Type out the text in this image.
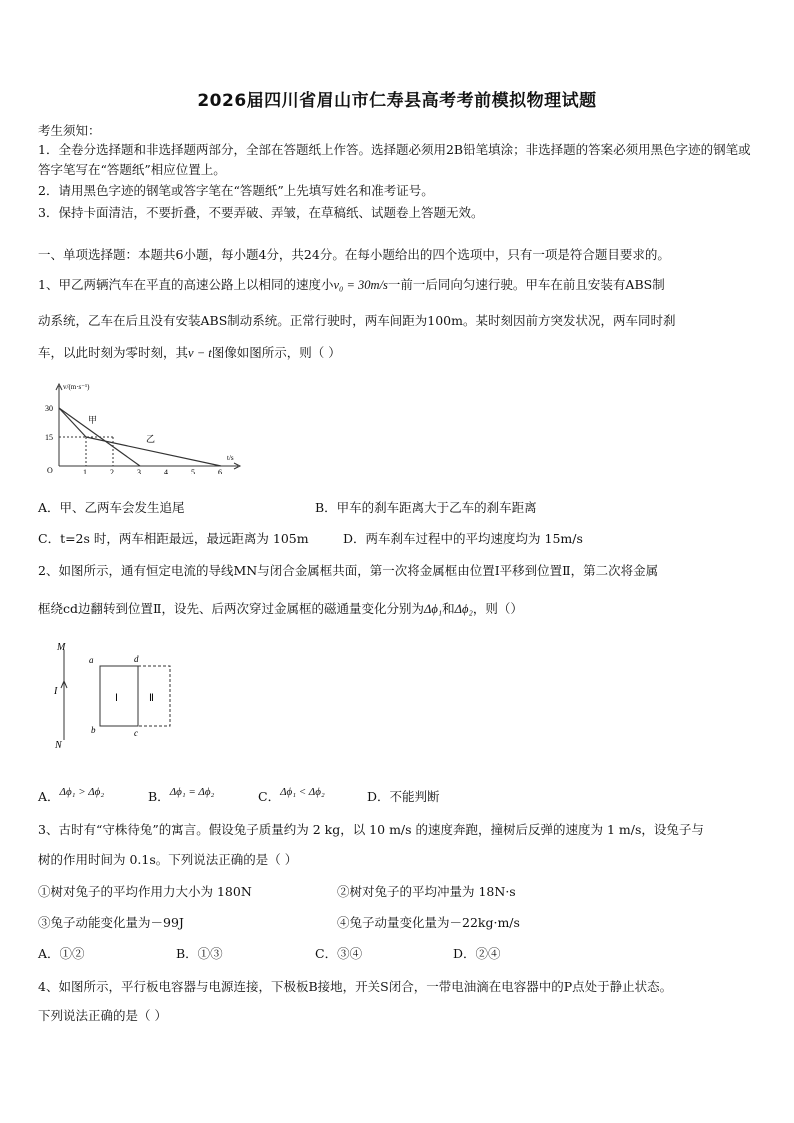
2026届四川省眉山市仁寿县高考考前模拟物理试题
考生须知：
1．全卷分选择题和非选择题两部分，全部在答题纸上作答。选择题必须用2B铅笔填涂；非选择题的答案必须用黑色字迹的钢笔或答字笔写在“答题纸”相应位置上。
2．请用黑色字迹的钢笔或答字笔在“答题纸”上先填写姓名和准考证号。
3．保持卡面清洁，不要折叠，不要弄破、弄皱，在草稿纸、试题卷上答题无效。
一、单项选择题：本题共6小题，每小题4分，共24分。在每小题给出的四个选项中，只有一项是符合题目要求的。
1、甲乙两辆汽车在平直的高速公路上以相同的速度小v₀ = 30m/s一前一后同向匀速行驶。甲车在前且安装有ABS制
动系统，乙车在后且没有安装ABS制动系统。正常行驶时，两车间距为100m。某时刻因前方突发状况，两车同时刹
车，以此时刻为零时刻，其v − t图像如图所示，则（ ）
v/(m·s⁻¹)
t/s
O
30
15
1	2	3	4	5	6
甲
乙
A．甲、乙两车会发生追尾	B．甲车的刹车距离大于乙车的刹车距离
C．t=2s 时，两车相距最远，最远距离为 105m	D．两车刹车过程中的平均速度均为 15m/s
2、如图所示，通有恒定电流的导线MN与闭合金属框共面，第一次将金属框由位置Ⅰ平移到位置Ⅱ，第二次将金属
框绕cd边翻转到位置Ⅱ，设先、后两次穿过金属框的磁通量变化分别为Δϕ₁和Δϕ₂，则（）
M
N
I
a
b	c
d
Ⅰ	Ⅱ
A．Δϕ₁ > Δϕ₂	B．Δϕ₁ = Δϕ₂	C．Δϕ₁ < Δϕ₂	D．不能判断
3、古时有“守株待兔”的寓言。假设兔子质量约为 2 kg，以 10 m/s 的速度奔跑，撞树后反弹的速度为 1 m/s，设兔子与
树的作用时间为 0.1s。下列说法正确的是（ ）
①树对兔子的平均作用力大小为 180N	②树对兔子的平均冲量为 18N·s
③兔子动能变化量为－99J	④兔子动量变化量为－22kg·m/s
A．①②	B．①③	C．③④	D．②④
4、如图所示，平行板电容器与电源连接，下极板B接地，开关S闭合，一带电油滴在电容器中的P点处于静止状态。
下列说法正确的是（ ）
